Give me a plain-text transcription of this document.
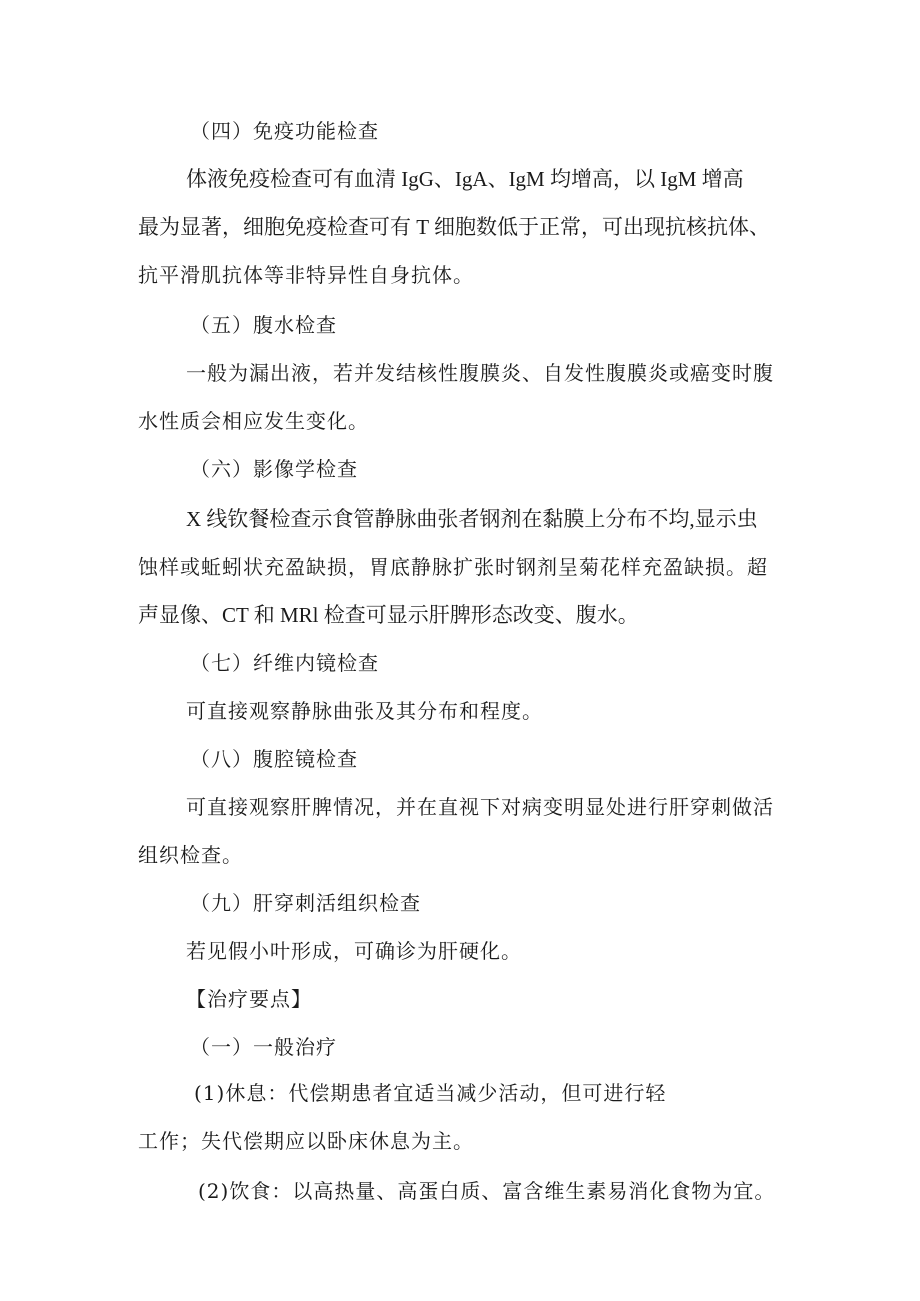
（四）免疫功能检查

体液免疫检查可有血清 IgG、IgA、IgM 均增高，以 IgM 增高

最为显著，细胞免疫检查可有 T 细胞数低于正常，可出现抗核抗体、

抗平滑肌抗体等非特异性自身抗体。

（五）腹水检查

一般为漏出液，若并发结核性腹膜炎、自发性腹膜炎或癌变时腹

水性质会相应发生变化。

（六）影像学检查

X 线钦餐检查示食管静脉曲张者钢剂在黏膜上分布不均,显示虫

蚀样或蚯蚓状充盈缺损，胃底静脉扩张时钢剂呈菊花样充盈缺损。超

声显像、CT 和 MRl 检查可显示肝脾形态改变、腹水。

（七）纤维内镜检查

可直接观察静脉曲张及其分布和程度。

（八）腹腔镜检查

可直接观察肝脾情况，并在直视下对病变明显处进行肝穿刺做活

组织检查。

（九）肝穿刺活组织检查

若见假小叶形成，可确诊为肝硬化。

【治疗要点】

（一）一般治疗

(1)休息：代偿期患者宜适当减少活动，但可进行轻

工作；失代偿期应以卧床休息为主。

(2)饮食：以高热量、高蛋白质、富含维生素易消化食物为宜。
